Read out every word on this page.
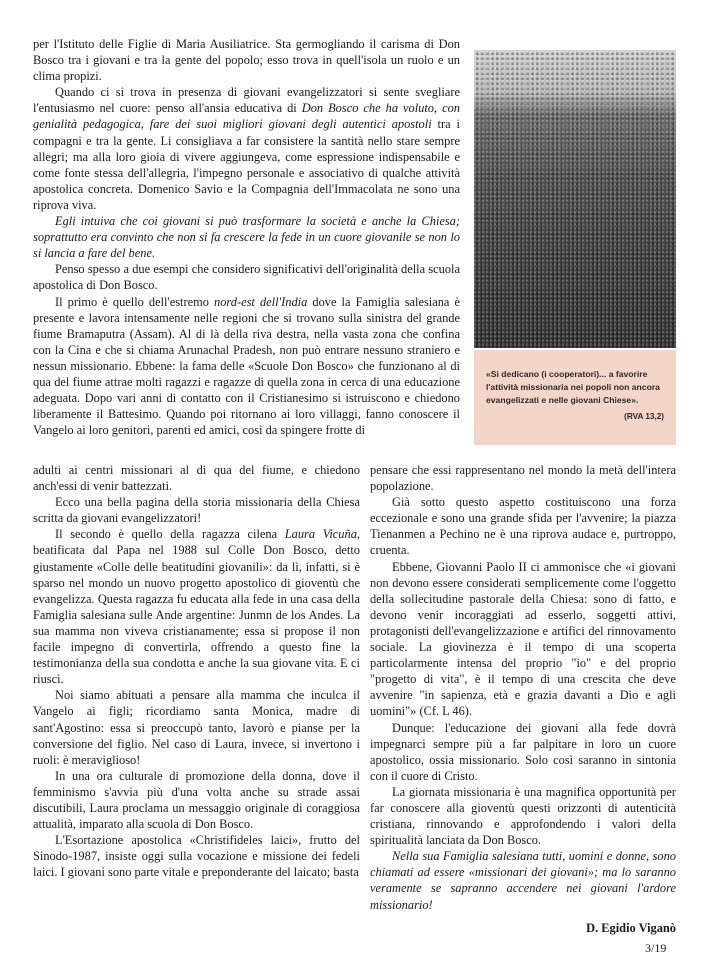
per l'Istituto delle Figlie di Maria Ausiliatrice. Sta germogliando il carisma di Don Bosco tra i giovani e tra la gente del popolo; esso trova in quell'isola un ruolo e un clima propizi.

Quando ci si trova in presenza di giovani evangelizzatori si sente svegliare l'entusiasmo nel cuore: penso all'ansia educativa di Don Bosco che ha voluto, con genialità pedagogica, fare dei suoi migliori giovani degli autentici apostoli tra i compagni e tra la gente. Li consigliava a far consistere la santità nello stare sempre allegri; ma alla loro gioia di vivere aggiungeva, come espressione indispensabile e come fonte stessa dell'allegria, l'impegno personale e associativo di qualche attività apostolica concreta. Domenico Savio e la Compagnia dell'Immacolata ne sono una riprova viva.

Egli intuiva che coi giovani si può trasformare la società e anche la Chiesa; soprattutto era convinto che non si fa crescere la fede in un cuore giovanile se non lo si lancia a fare del bene.

Penso spesso a due esempi che considero significativi dell'originalità della scuola apostolica di Don Bosco.

Il primo è quello dell'estremo nord-est dell'India dove la Famiglia salesiana è presente e lavora intensamente nelle regioni che si trovano sulla sinistra del grande fiume Bramaputra (Assam). Al di là della riva destra, nella vasta zona che confina con la Cina e che si chiama Arunachal Pradesh, non può entrare nessuno straniero e nessun missionario. Ebbene: la fama delle «Scuole Don Bosco» che funzionano al di qua del fiume attrae molti ragazzi e ragazze di quella zona in cerca di una educazione adeguata. Dopo vari anni di contatto con il Cristianesimo si istruiscono e chiedono liberamente il Battesimo. Quando poi ritornano ai loro villaggi, fanno conoscere il Vangelo ai loro genitori, parenti ed amici, così da spingere frotte di

«Si dedicano (i cooperatori)... a favorire l'attività missionaria nei popoli non ancora evangelizzati e nelle giovani Chiese».

(RVA 13,2)

adulti ai centri missionari al di qua del fiume, e chiedono anch'essi di venir battezzati.

Ecco una bella pagina della storia missionaria della Chiesa scritta da giovani evangelizzatori!

Il secondo è quello della ragazza cilena Laura Vicuña, beatificata dal Papa nel 1988 sul Colle Don Bosco, detto giustamente «Colle delle beatitudini giovanili»: da lì, infatti, si è sparso nel mondo un nuovo progetto apostolico di gioventù che evangelizza. Questa ragazza fu educata alla fede in una casa della Famiglia salesiana sulle Ande argentine: Junmn de los Andes. La sua mamma non viveva cristianamente; essa si propose il non facile impegno di convertirla, offrendo a questo fine la testimonianza della sua condotta e anche la sua giovane vita. E ci riuscì.

Noi siamo abituati a pensare alla mamma che inculca il Vangelo ai figli; ricordiamo santa Monica, madre di sant'Agostino: essa si preoccupò tanto, lavorò e pianse per la conversione del figlio. Nel caso di Laura, invece, si invertono i ruoli: è meraviglioso!

In una ora culturale di promozione della donna, dove il femminismo s'avvia più d'una volta anche su strade assai discutibili, Laura proclama un messaggio originale di coraggiosa attualità, imparato alla scuola di Don Bosco.

L'Esortazione apostolica «Christifideles laici», frutto del Sinodo-1987, insiste oggi sulla vocazione e missione dei fedeli laici. I giovani sono parte vitale e preponderante del laicato; basta

pensare che essi rappresentano nel mondo la metà dell'intera popolazione.

Già sotto questo aspetto costituiscono una forza eccezionale e sono una grande sfida per l'avvenire; la piazza Tienanmen a Pechino ne è una riprova audace e, purtroppo, cruenta.

Ebbene, Giovanni Paolo II ci ammonisce che «i giovani non devono essere considerati semplicemente come l'oggetto della sollecitudine pastorale della Chiesa: sono di fatto, e devono venir incoraggiati ad esserlo, soggetti attivi, protagonisti dell'evangelizzazione e artifici del rinnovamento sociale. La giovinezza è il tempo di una scoperta particolarmente intensa del proprio "io" e del proprio "progetto di vita", è il tempo di una crescita che deve avvenire "in sapienza, età e grazia davanti a Dio e agli uomini"» (Cf. L 46).

Dunque: l'educazione dei giovani alla fede dovrà impegnarci sempre più a far palpitare in loro un cuore apostolico, ossia missionario. Solo così saranno in sintonia con il cuore di Cristo.

La giornata missionaria è una magnifica opportunità per far conoscere alla gioventù questi orizzonti di autenticità cristiana, rinnovando e approfondendo i valori della spiritualità lanciata da Don Bosco.

Nella sua Famiglia salesiana tutti, uomini e donne, sono chiamati ad essere «missionari dei giovani»; ma lo saranno veramente se sapranno accendere nei giovani l'ardore missionario!

D. Egidio Viganò
3/19
